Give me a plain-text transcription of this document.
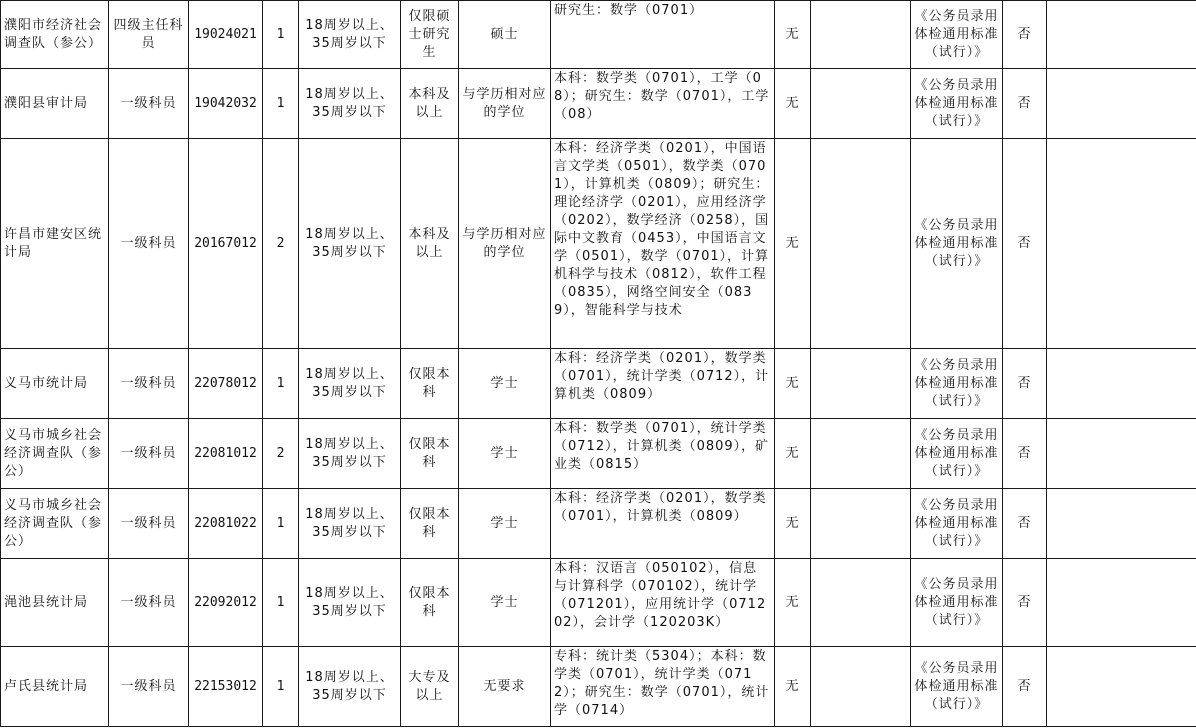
濮阳市经济社会调查队（参公）	四级主任科员	19024021	1	18周岁以上、35周岁以下	仅限硕士研究生	硕士	研究生：数学（0701）	无		《公务员录用体检通用标准（试行）》	否	

濮阳县审计局	一级科员	19042032	1	18周岁以上、35周岁以下	本科及以上	与学历相对应的学位	本科：数学类（0701），工学（08）；研究生：数学（0701），工学（08）	无		《公务员录用体检通用标准（试行）》	否	

许昌市建安区统计局	一级科员	20167012	2	18周岁以上、35周岁以下	本科及以上	与学历相对应的学位	本科：经济学类（0201），中国语言文学类（0501），数学类（0701），计算机类（0809）；研究生：理论经济学（0201），应用经济学（0202），数学经济（0258），国际中文教育（0453），中国语言文学（0501），数学（0701），计算机科学与技术（0812），软件工程（0835），网络空间安全（0839），智能科学与技术	无		《公务员录用体检通用标准（试行）》	否	

义马市统计局	一级科员	22078012	1	18周岁以上、35周岁以下	仅限本科	学士	本科：经济学类（0201），数学类（0701），统计学类（0712），计算机类（0809）	无		《公务员录用体检通用标准（试行）》	否	

义马市城乡社会经济调查队（参公）	一级科员	22081012	2	18周岁以上、35周岁以下	仅限本科	学士	本科：数学类（0701），统计学类（0712），计算机类（0809），矿业类（0815）	无		《公务员录用体检通用标准（试行）》	否	

义马市城乡社会经济调查队（参公）	一级科员	22081022	1	18周岁以上、35周岁以下	仅限本科	学士	本科：经济学类（0201），数学类（0701），计算机类（0809）	无		《公务员录用体检通用标准（试行）》	否	

渑池县统计局	一级科员	22092012	1	18周岁以上、35周岁以下	仅限本科	学士	本科：汉语言（050102），信息与计算科学（070102），统计学（071201），应用统计学（071202），会计学（120203K）	无		《公务员录用体检通用标准（试行）》	否	

卢氏县统计局	一级科员	22153012	1	18周岁以上、35周岁以下	大专及以上	无要求	专科：统计类（5304）；本科：数学类（0701），统计学类（0712）；研究生：数学（0701），统计学（0714）	无		《公务员录用体检通用标准（试行）》	否	
